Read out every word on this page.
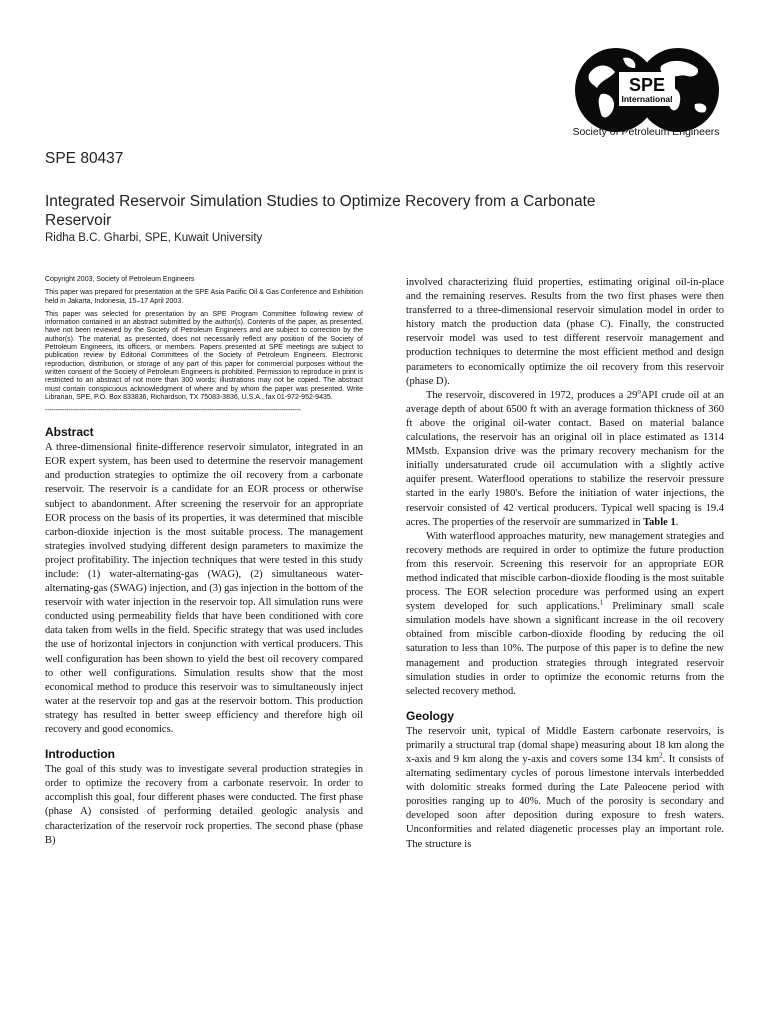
SPE
International
Society of Petroleum Engineers
SPE 80437
Integrated Reservoir Simulation Studies to Optimize Recovery from a Carbonate Reservoir
Ridha B.C. Gharbi, SPE, Kuwait University

Copyright 2003, Society of Petroleum Engineers

This paper was prepared for presentation at the SPE Asia Pacific Oil & Gas Conference and Exhibition held in Jakarta, Indonesia, 15–17 April 2003.

This paper was selected for presentation by an SPE Program Committee following review of information contained in an abstract submitted by the author(s). Contents of the paper, as presented, have not been reviewed by the Society of Petroleum Engineers and are subject to correction by the author(s). The material, as presented, does not necessarily reflect any position of the Society of Petroleum Engineers, its officers, or members. Papers presented at SPE meetings are subject to publication review by Editorial Committees of the Society of Petroleum Engineers. Electronic reproduction, distribution, or storage of any part of this paper for commercial purposes without the written consent of the Society of Petroleum Engineers is prohibited. Permission to reproduce in print is restricted to an abstract of not more than 300 words; illustrations may not be copied. The abstract must contain conspicuous acknowledgment of where and by whom the paper was presented. Write Librarian, SPE, P.O. Box 833836, Richardson, TX 75083-3836, U.S.A., fax 01-972-952-9435.

------------------------------------------------------------------------------------------------------------------------
Abstract

A three-dimensional finite-difference reservoir simulator, integrated in an EOR expert system, has been used to determine the reservoir management and production strategies to optimize the oil recovery from a carbonate reservoir. The reservoir is a candidate for an EOR process or otherwise subject to abandonment. After screening the reservoir for an appropriate EOR process on the basis of its properties, it was determined that miscible carbon-dioxide injection is the most suitable process. The management strategies involved studying different design parameters to maximize the project profitability. The injection techniques that were tested in this study include: (1) water-alternating-gas (WAG), (2) simultaneous water-alternating-gas (SWAG) injection, and (3) gas injection in the bottom of the reservoir with water injection in the reservoir top. All simulation runs were conducted using permeability fields that have been conditioned with core data taken from wells in the field. Specific strategy that was used includes the use of horizontal injectors in conjunction with vertical producers. This well configuration has been shown to yield the best oil recovery compared to other well configurations. Simulation results show that the most economical method to produce this reservoir was to simultaneously inject water at the reservoir top and gas at the reservoir bottom. This production strategy has resulted in better sweep efficiency and therefore high oil recovery and good economics.

Introduction

The goal of this study was to investigate several production strategies in order to optimize the recovery from a carbonate reservoir. In order to accomplish this goal, four different phases were conducted. The first phase (phase A) consisted of performing detailed geologic analysis and characterization of the reservoir rock properties. The second phase (phase B)

involved characterizing fluid properties, estimating original oil-in-place and the remaining reserves. Results from the two first phases were then transferred to a three-dimensional reservoir simulation model in order to history match the production data (phase C). Finally, the constructed reservoir model was used to test different reservoir management and production techniques to determine the most efficient method and design parameters to economically optimize the oil recovery from this reservoir (phase D).

The reservoir, discovered in 1972, produces a 29$^o$API crude oil at an average depth of about 6500 ft with an average formation thickness of 360 ft above the original oil-water contact. Based on material balance calculations, the reservoir has an original oil in place estimated as 1314 MMstb. Expansion drive was the primary recovery mechanism for the initially undersaturated crude oil accumulation with a slightly active aquifer present. Waterflood operations to stabilize the reservoir pressure started in the early 1980's. Before the initiation of water injections, the reservoir consisted of 42 vertical producers. Typical well spacing is 19.4 acres. The properties of the reservoir are summarized in Table 1.

With waterflood approaches maturity, new management strategies and recovery methods are required in order to optimize the future production from this reservoir. Screening this reservoir for an appropriate EOR method indicated that miscible carbon-dioxide flooding is the most suitable process. The EOR selection procedure was performed using an expert system developed for such applications.$^1$ Preliminary small scale simulation models have shown a significant increase in the oil recovery obtained from miscible carbon-dioxide flooding by reducing the oil saturation to less than 10%. The purpose of this paper is to define the new management and production strategies through integrated reservoir simulation studies in order to optimize the economic returns from the selected recovery method.

Geology

The reservoir unit, typical of Middle Eastern carbonate reservoirs, is primarily a structural trap (domal shape) measuring about 18 km along the x-axis and 9 km along the y-axis and covers some 134 $km^2$. It consists of alternating sedimentary cycles of porous limestone intervals interbedded with dolomitic streaks formed during the Late Paleocene period with porosities ranging up to 40%. Much of the porosity is secondary and developed soon after deposition during exposure to fresh waters. Unconformities and related diagenetic processes play an important role. The structure is
